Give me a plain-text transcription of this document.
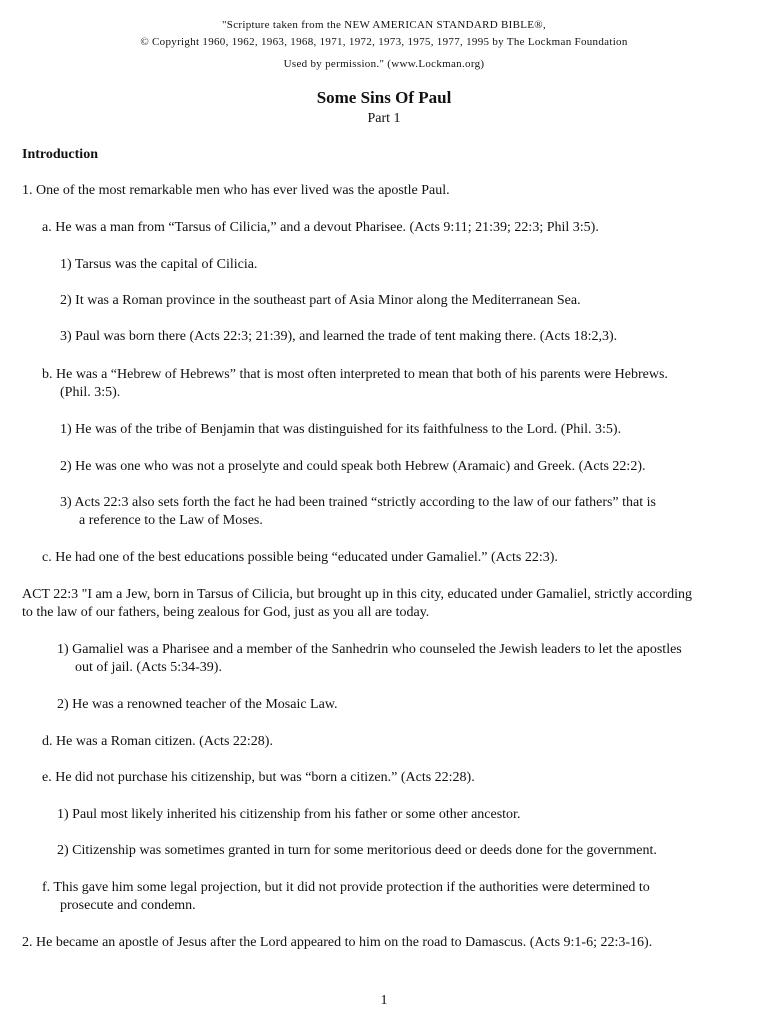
"Scripture taken from the NEW AMERICAN STANDARD BIBLE®,
© Copyright 1960, 1962, 1963, 1968, 1971, 1972, 1973, 1975, 1977, 1995 by The Lockman Foundation
Used by permission." (www.Lockman.org)
Some Sins Of Paul
Part 1
Introduction
1. One of the most remarkable men who has ever lived was the apostle Paul.
a. He was a man from “Tarsus of Cilicia,” and a devout Pharisee. (Acts 9:11; 21:39; 22:3; Phil 3:5).
1) Tarsus was the capital of Cilicia.
2) It was a Roman province in the southeast part of Asia Minor along the Mediterranean Sea.
3) Paul was born there (Acts 22:3; 21:39), and learned the trade of tent making there. (Acts 18:2,3).
b. He was a “Hebrew of Hebrews” that is most often interpreted to mean that both of his parents were Hebrews.
(Phil. 3:5).
1) He was of the tribe of Benjamin that was distinguished for its faithfulness to the Lord. (Phil. 3:5).
2) He was one who was not a proselyte and could speak both Hebrew (Aramaic) and Greek. (Acts 22:2).
3) Acts 22:3 also sets forth the fact he had been trained “strictly according to the law of our fathers” that is
a reference to the Law of Moses.
c. He had one of the best educations possible being “educated under Gamaliel.” (Acts 22:3).
ACT 22:3 "I am a Jew, born in Tarsus of Cilicia, but brought up in this city, educated under Gamaliel, strictly according
to the law of our fathers, being zealous for God, just as you all are today.
1) Gamaliel was a Pharisee and a member of the Sanhedrin who counseled the Jewish leaders to let the apostles
out of jail. (Acts 5:34-39).
2) He was a renowned teacher of the Mosaic Law.
d. He was a Roman citizen. (Acts 22:28).
e. He did not purchase his citizenship, but was “born a citizen.” (Acts 22:28).
1) Paul most likely inherited his citizenship from his father or some other ancestor.
2) Citizenship was sometimes granted in turn for some meritorious deed or deeds done for the government.
f. This gave him some legal projection, but it did not provide protection if the authorities were determined to
prosecute and condemn.
2. He became an apostle of Jesus after the Lord appeared to him on the road to Damascus. (Acts 9:1-6; 22:3-16).
1
